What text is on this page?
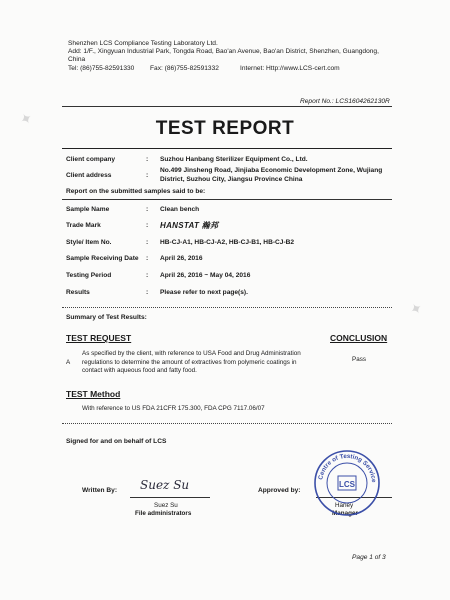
✦
✦
Shenzhen LCS Compliance Testing Laboratory Ltd.
Add: 1/F., Xingyuan Industrial Park, Tongda Road, Bao'an Avenue, Bao'an District, Shenzhen, Guangdong,
China
Tel: (86)755-82591330 Fax: (86)755-82591332	Internet: Http://www.LCS-cert.com
Report No.: LCS1604262130R
TEST REPORT
Client company	: Suzhou Hanbang Sterilizer Equipment Co., Ltd.
Client address	:
No.499 Jinsheng Road, Jinjiaba Economic Development Zone, Wujiang
District, Suzhou City, Jiangsu Province China
Report on the submitted samples said to be:
Sample Name	: Clean bench
Trade Mark	: HANSTAT 瀚邦
Style/ Item No.	: HB-CJ-A1, HB-CJ-A2, HB-CJ-B1, HB-CJ-B2
Sample Receiving Date : April 26, 2016
Testing Period	: April 26, 2016 ~ May 04, 2016
Results	: Please refer to next page(s).
Summary of Test Results:
TEST REQUEST	CONCLUSION
As specified by the client, with reference to USA Food and Drug Administration
A regulations to determine the amount of extractives from polymeric coatings in
contact with aqueous food and fatty food.
Pass
TEST Method
With reference to US FDA 21CFR 175.300, FDA CPG 7117.06/07
Signed for and on behalf of LCS
Written By: Suez Su
Suez Su
File administrators
Approved by:
Harley
Manager
Centre of Testing Service
LCS
Page 1 of 3
